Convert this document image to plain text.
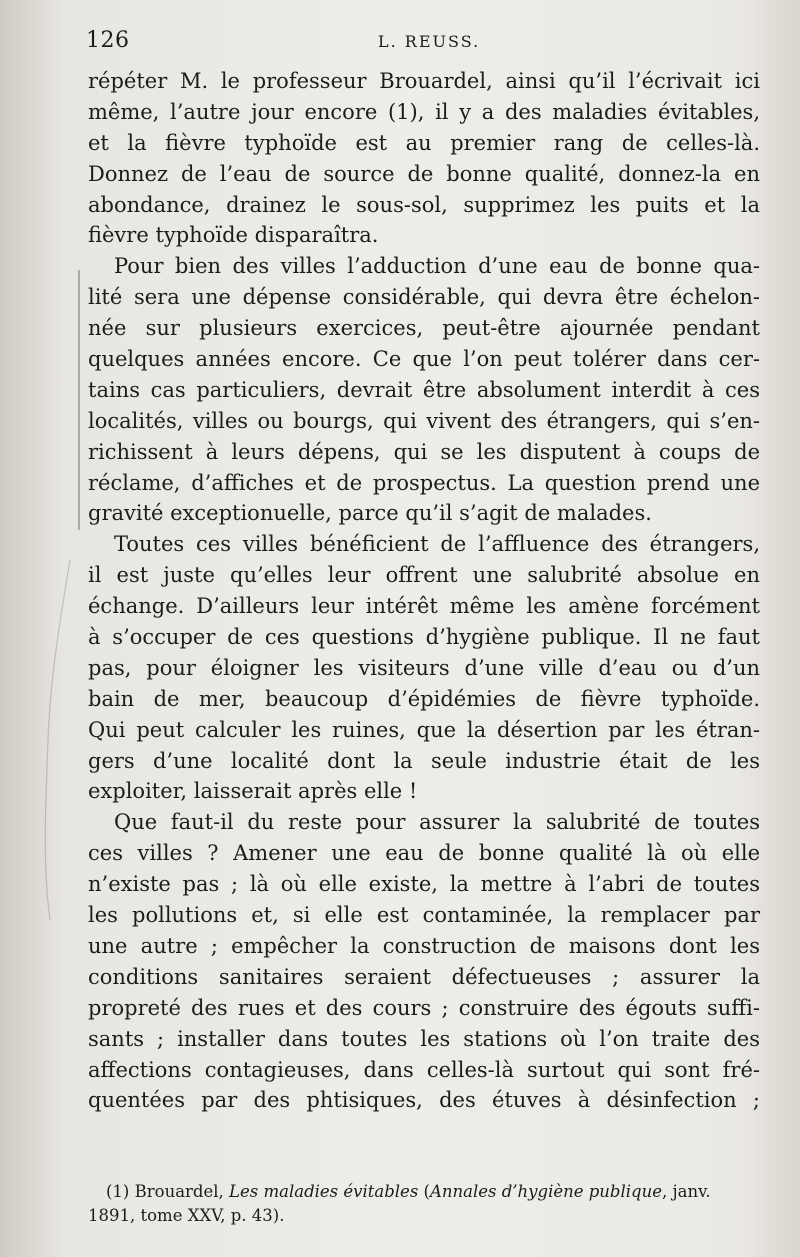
126	L. REUSS.
répéter M. le professeur Brouardel, ainsi qu’il l’écrivait ici
même, l’autre jour encore (1), il y a des maladies évitables,
et la fièvre typhoïde est au premier rang de celles-là.
Donnez de l’eau de source de bonne qualité, donnez-la en
abondance, drainez le sous-sol, supprimez les puits et la
fièvre typhoïde disparaîtra.
Pour bien des villes l’adduction d’une eau de bonne qua-
lité sera une dépense considérable, qui devra être échelon-
née sur plusieurs exercices, peut-être ajournée pendant
quelques années encore. Ce que l’on peut tolérer dans cer-
tains cas particuliers, devrait être absolument interdit à ces
localités, villes ou bourgs, qui vivent des étrangers, qui s’en-
richissent à leurs dépens, qui se les disputent à coups de
réclame, d’affiches et de prospectus. La question prend une
gravité exceptionuelle, parce qu’il s’agit de malades.
Toutes ces villes bénéficient de l’affluence des étrangers,
il est juste qu’elles leur offrent une salubrité absolue en
échange. D’ailleurs leur intérêt même les amène forcément
à s’occuper de ces questions d’hygiène publique. Il ne faut
pas, pour éloigner les visiteurs d’une ville d’eau ou d’un
bain de mer, beaucoup d’épidémies de fièvre typhoïde.
Qui peut calculer les ruines, que la désertion par les étran-
gers d’une localité dont la seule industrie était de les
exploiter, laisserait après elle !
Que faut-il du reste pour assurer la salubrité de toutes
ces villes ? Amener une eau de bonne qualité là où elle
n’existe pas ; là où elle existe, la mettre à l’abri de toutes
les pollutions et, si elle est contaminée, la remplacer par
une autre ; empêcher la construction de maisons dont les
conditions sanitaires seraient défectueuses ; assurer la
propreté des rues et des cours ; construire des égouts suffi-
sants ; installer dans toutes les stations où l’on traite des
affections contagieuses, dans celles-là surtout qui sont fré-
quentées par des phtisiques, des étuves à désinfection ;
(1) Brouardel, Les maladies évitables (Annales d’hygiène publique, janv.
1891, tome XXV, p. 43).
